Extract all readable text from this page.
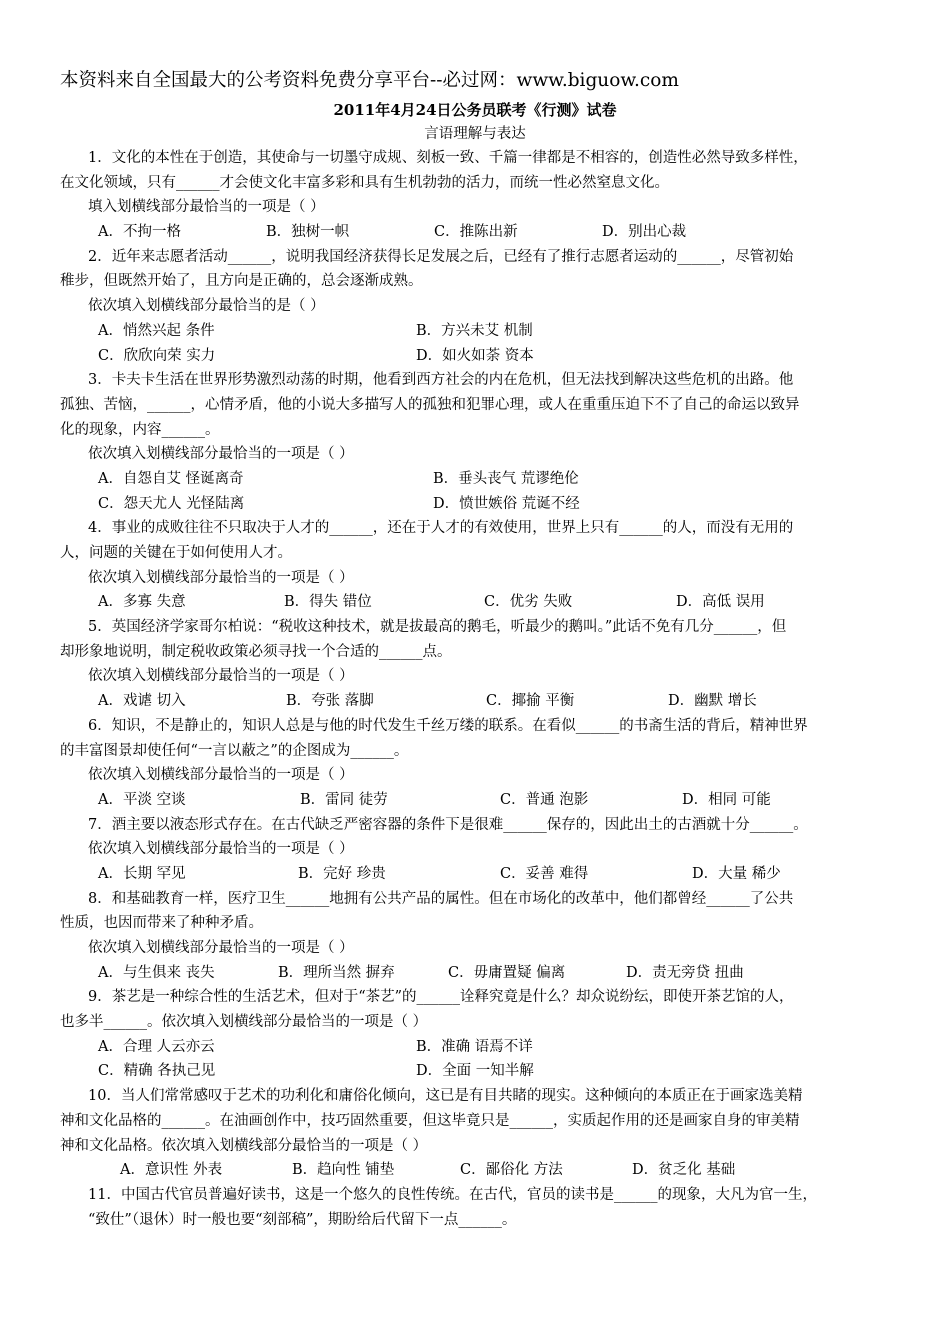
本资料来自全国最大的公考资料免费分享平台--必过网：www.biguow.com
2011年4月24日公务员联考《行测》试卷
言语理解与表达
1．文化的本性在于创造，其使命与一切墨守成规、刻板一致、千篇一律都是不相容的，创造性必然导致多样性，
在文化领域，只有______才会使文化丰富多彩和具有生机勃勃的活力，而统一性必然窒息文化。
填入划横线部分最恰当的一项是（ ）
A．不拘一格	B．独树一帜	C．推陈出新	D．别出心裁
2．近年来志愿者活动______，说明我国经济获得长足发展之后，已经有了推行志愿者运动的______，尽管初始
稚步，但既然开始了，且方向是正确的，总会逐渐成熟。
依次填入划横线部分最恰当的是（ ）
A．悄然兴起 条件	B．方兴未艾 机制
C．欣欣向荣 实力	D．如火如荼 资本
3．卡夫卡生活在世界形势激烈动荡的时期，他看到西方社会的内在危机，但无法找到解决这些危机的出路。他
孤独、苦恼，______，心情矛盾，他的小说大多描写人的孤独和犯罪心理，或人在重重压迫下不了自己的命运以致异
化的现象，内容______。
依次填入划横线部分最恰当的一项是（ ）
A．自怨自艾 怪诞离奇	B．垂头丧气 荒谬绝伦
C．怨天尤人 光怪陆离	D．愤世嫉俗 荒诞不经
4．事业的成败往往不只取决于人才的______，还在于人才的有效使用，世界上只有______的人，而没有无用的
人，问题的关键在于如何使用人才。
依次填入划横线部分最恰当的一项是（ ）
A．多寡 失意	B．得失 错位	C．优劣 失败	D．高低 误用
5．英国经济学家哥尔柏说：“税收这种技术，就是拔最高的鹅毛，听最少的鹅叫。”此话不免有几分______，但
却形象地说明，制定税收政策必须寻找一个合适的______点。
依次填入划横线部分最恰当的一项是（ ）
A．戏谑 切入	B．夸张 落脚	C．揶揄 平衡	D．幽默 增长
6．知识，不是静止的，知识人总是与他的时代发生千丝万缕的联系。在看似______的书斋生活的背后，精神世界
的丰富图景却使任何“一言以蔽之”的企图成为______。
依次填入划横线部分最恰当的一项是（ ）
A．平淡 空谈	B．雷同 徒劳	C．普通 泡影	D．相同 可能
7．酒主要以液态形式存在。在古代缺乏严密容器的条件下是很难______保存的，因此出土的古酒就十分______。
依次填入划横线部分最恰当的一项是（ ）
A．长期 罕见	B．完好 珍贵	C．妥善 难得	D．大量 稀少
8．和基础教育一样，医疗卫生______地拥有公共产品的属性。但在市场化的改革中，他们都曾经______了公共
性质，也因而带来了种种矛盾。
依次填入划横线部分最恰当的一项是（ ）
A．与生俱来 丧失	B．理所当然 摒弃	C．毋庸置疑 偏离	D．责无旁贷 扭曲
9．茶艺是一种综合性的生活艺术，但对于“茶艺”的______诠释究竟是什么？却众说纷纭，即使开茶艺馆的人，
也多半______。依次填入划横线部分最恰当的一项是（ ）
A．合理 人云亦云	B．准确 语焉不详
C．精确 各执己见	D．全面 一知半解
10．当人们常常感叹于艺术的功利化和庸俗化倾向，这已是有目共睹的现实。这种倾向的本质正在于画家选美精
神和文化品格的______。在油画创作中，技巧固然重要，但这毕竟只是______，实质起作用的还是画家自身的审美精
神和文化品格。依次填入划横线部分最恰当的一项是（ ）
A．意识性 外表	B．趋向性 铺垫	C．鄙俗化 方法	D．贫乏化 基础
11．中国古代官员普遍好读书，这是一个悠久的良性传统。在古代，官员的读书是______的现象，大凡为官一生，
“致仕”（退休）时一般也要“刻部稿”，期盼给后代留下一点______。
